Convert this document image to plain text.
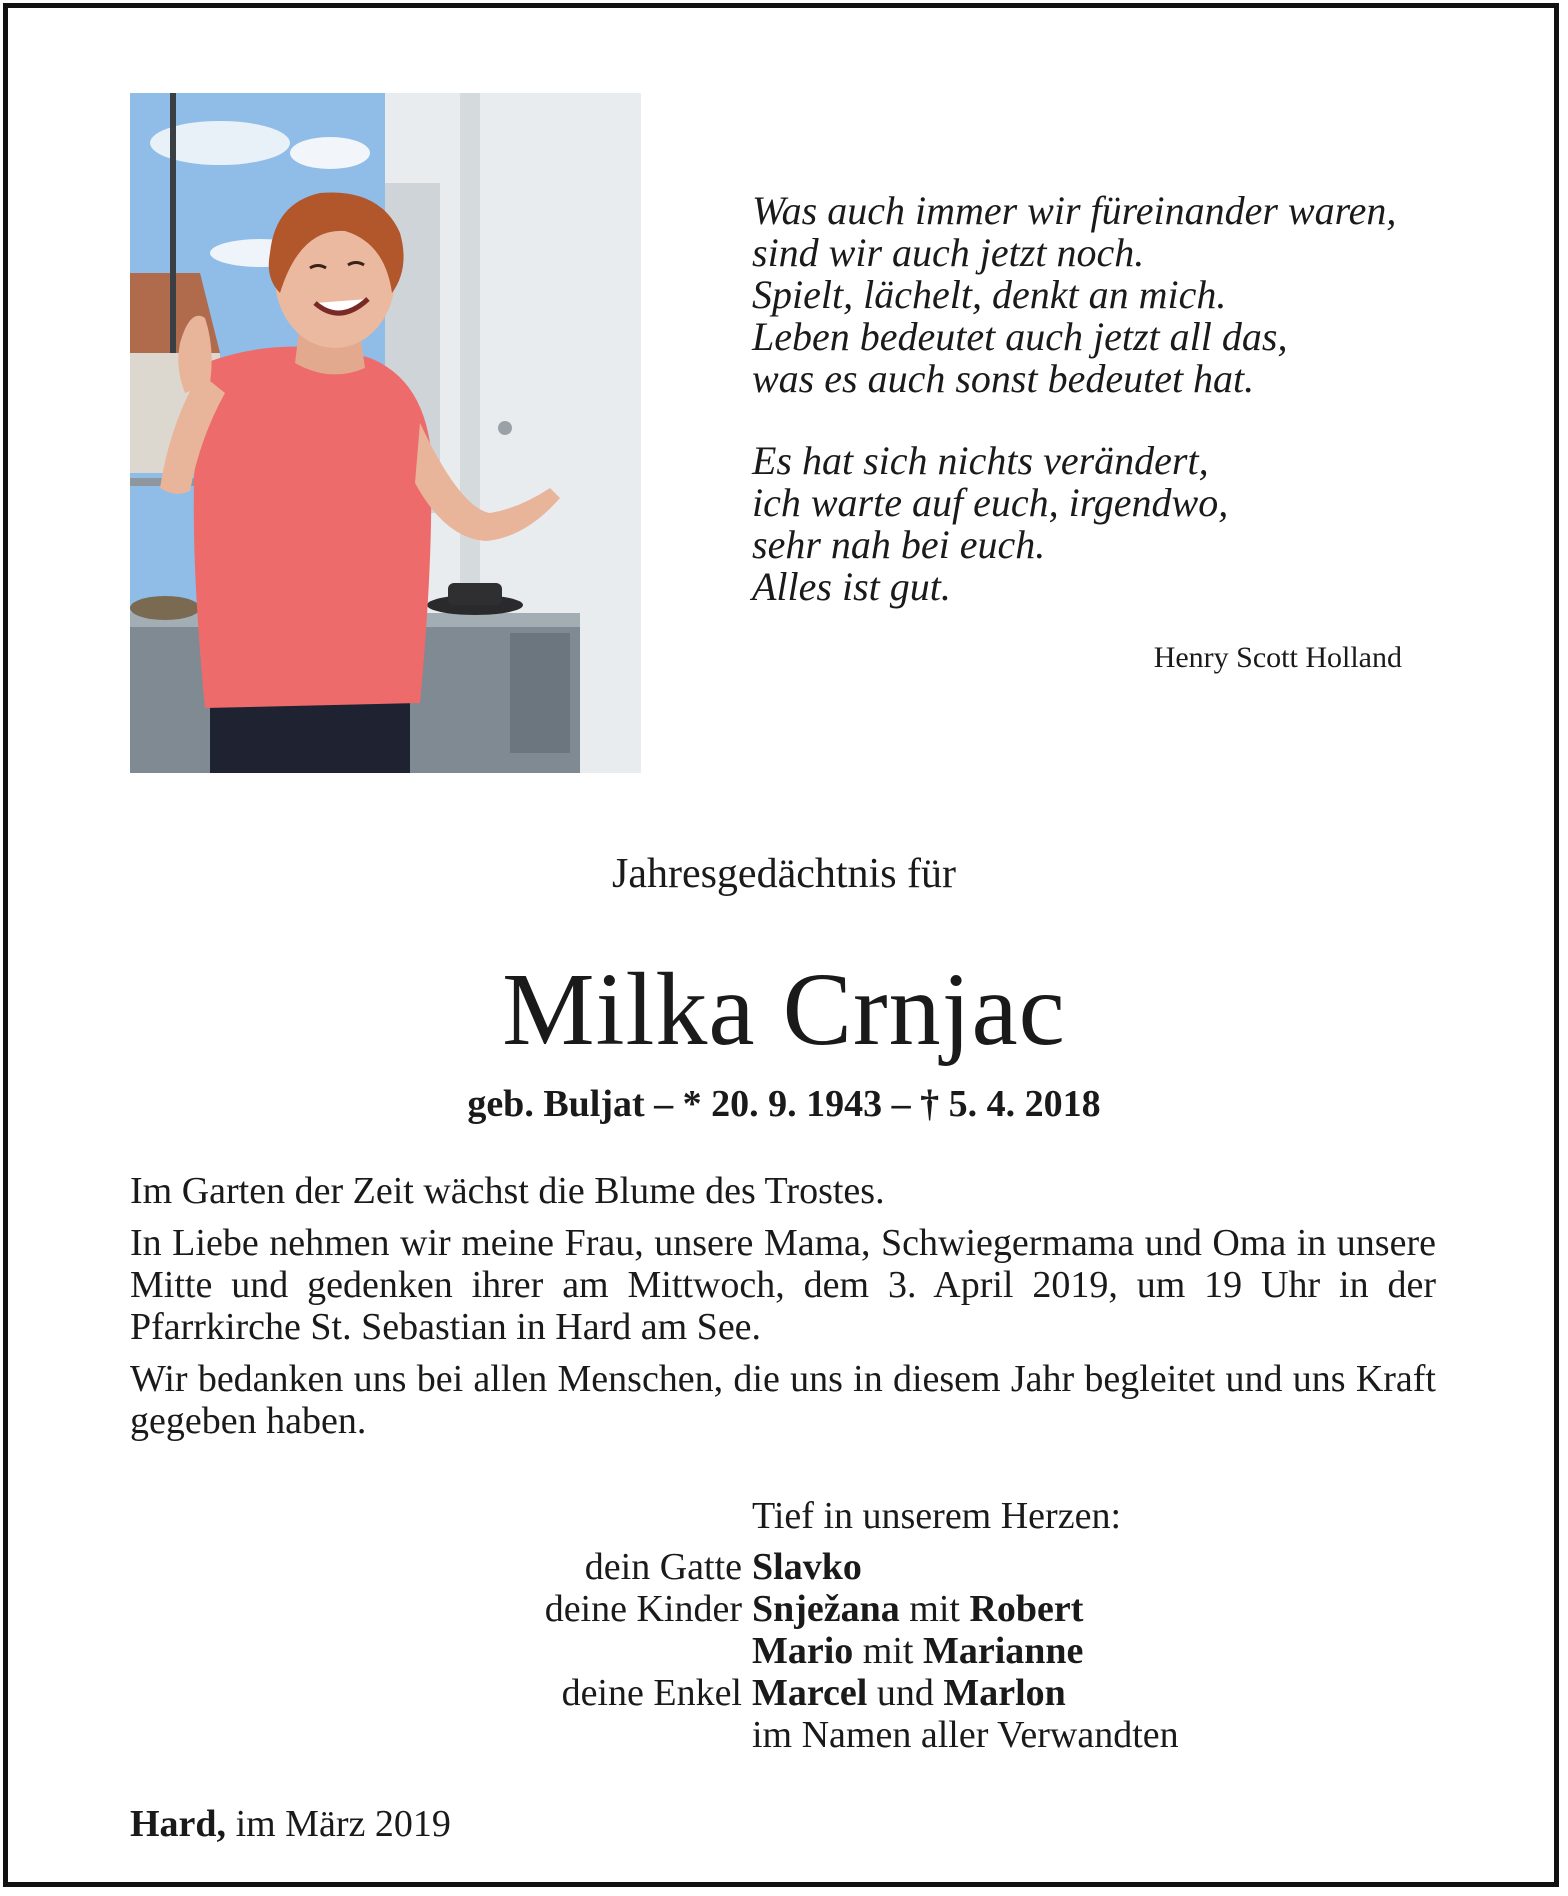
Was auch immer wir füreinander waren,
sind wir auch jetzt noch.
Spielt, lächelt, denkt an mich.
Leben bedeutet auch jetzt all das,
was es auch sonst bedeutet hat.
Es hat sich nichts verändert,
ich warte auf euch, irgendwo,
sehr nah bei euch.
Alles ist gut.
Henry Scott Holland
Jahresgedächtnis für
Milka Crnjac
geb. Buljat – * 20. 9. 1943 – † 5. 4. 2018

Im Garten der Zeit wächst die Blume des Trostes.

In Liebe nehmen wir meine Frau, unsere Mama, Schwiegermama und Oma in unsere Mitte und gedenken ihrer am Mittwoch, dem 3. April 2019, um 19 Uhr in der Pfarrkirche St. Sebastian in Hard am See.

Wir bedanken uns bei allen Menschen, die uns in diesem Jahr begleitet und uns Kraft gegeben haben.

Tief in unserem Herzen:
dein Gatte Slavko
deine Kinder Snježana mit Robert
Mario mit Marianne
deine Enkel Marcel und Marlon
im Namen aller Verwandten
Hard, im März 2019
